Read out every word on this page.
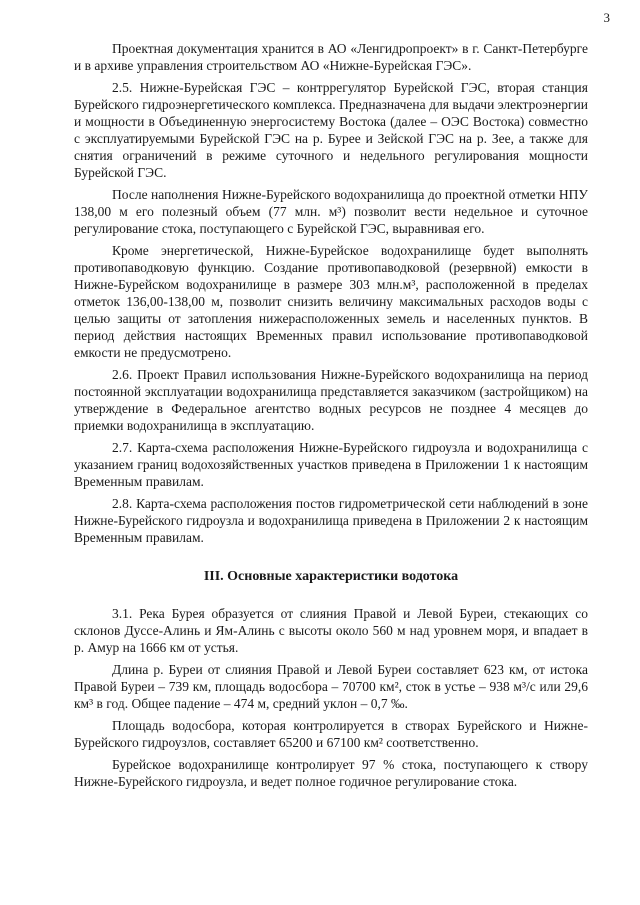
3

Проектная документация хранится в АО «Ленгидропроект» в г. Санкт-Петербурге и в архиве управления строительством АО «Нижне-Бурейская ГЭС».

2.5. Нижне-Бурейская ГЭС – контррегулятор Бурейской ГЭС, вторая станция Бурейского гидроэнергетического комплекса. Предназначена для выдачи электроэнергии и мощности в Объединенную энергосистему Востока (далее – ОЭС Востока) совместно с эксплуатируемыми Бурейской ГЭС на р. Бурее и Зейской ГЭС на р. Зее, а также для снятия ограничений в режиме суточного и недельного регулирования мощности Бурейской ГЭС.

После наполнения Нижне-Бурейского водохранилища до проектной отметки НПУ 138,00 м его полезный объем (77 млн. м³) позволит вести недельное и суточное регулирование стока, поступающего с Бурейской ГЭС, выравнивая его.

Кроме энергетической, Нижне-Бурейское водохранилище будет выполнять противопаводковую функцию. Создание противопаводковой (резервной) емкости в Нижне-Бурейском водохранилище в размере 303 млн.м³, расположенной в пределах отметок 136,00-138,00 м, позволит снизить величину максимальных расходов воды с целью защиты от затопления нижерасположенных земель и населенных пунктов. В период действия настоящих Временных правил использование противопаводковой емкости не предусмотрено.

2.6. Проект Правил использования Нижне-Бурейского водохранилища на период постоянной эксплуатации водохранилища представляется заказчиком (застройщиком) на утверждение в Федеральное агентство водных ресурсов не позднее 4 месяцев до приемки водохранилища в эксплуатацию.

2.7. Карта-схема расположения Нижне-Бурейского гидроузла и водохранилища с указанием границ водохозяйственных участков приведена в Приложении 1 к настоящим Временным правилам.

2.8. Карта-схема расположения постов гидрометрической сети наблюдений в зоне Нижне-Бурейского гидроузла и водохранилища приведена в Приложении 2 к настоящим Временным правилам.

III. Основные характеристики водотока

3.1. Река Бурея образуется от слияния Правой и Левой Буреи, стекающих со склонов Дуссе-Алинь и Ям-Алинь с высоты около 560 м над уровнем моря, и впадает в р. Амур на 1666 км от устья.

Длина р. Буреи от слияния Правой и Левой Буреи составляет 623 км, от истока Правой Буреи – 739 км, площадь водосбора – 70700 км², сток в устье – 938 м³/с или 29,6 км³ в год. Общее падение – 474 м, средний уклон – 0,7 ‰.

Площадь водосбора, которая контролируется в створах Бурейского и Нижне-Бурейского гидроузлов, составляет 65200 и 67100 км² соответственно.

Бурейское водохранилище контролирует 97 % стока, поступающего к створу Нижне-Бурейского гидроузла, и ведет полное годичное регулирование стока.
